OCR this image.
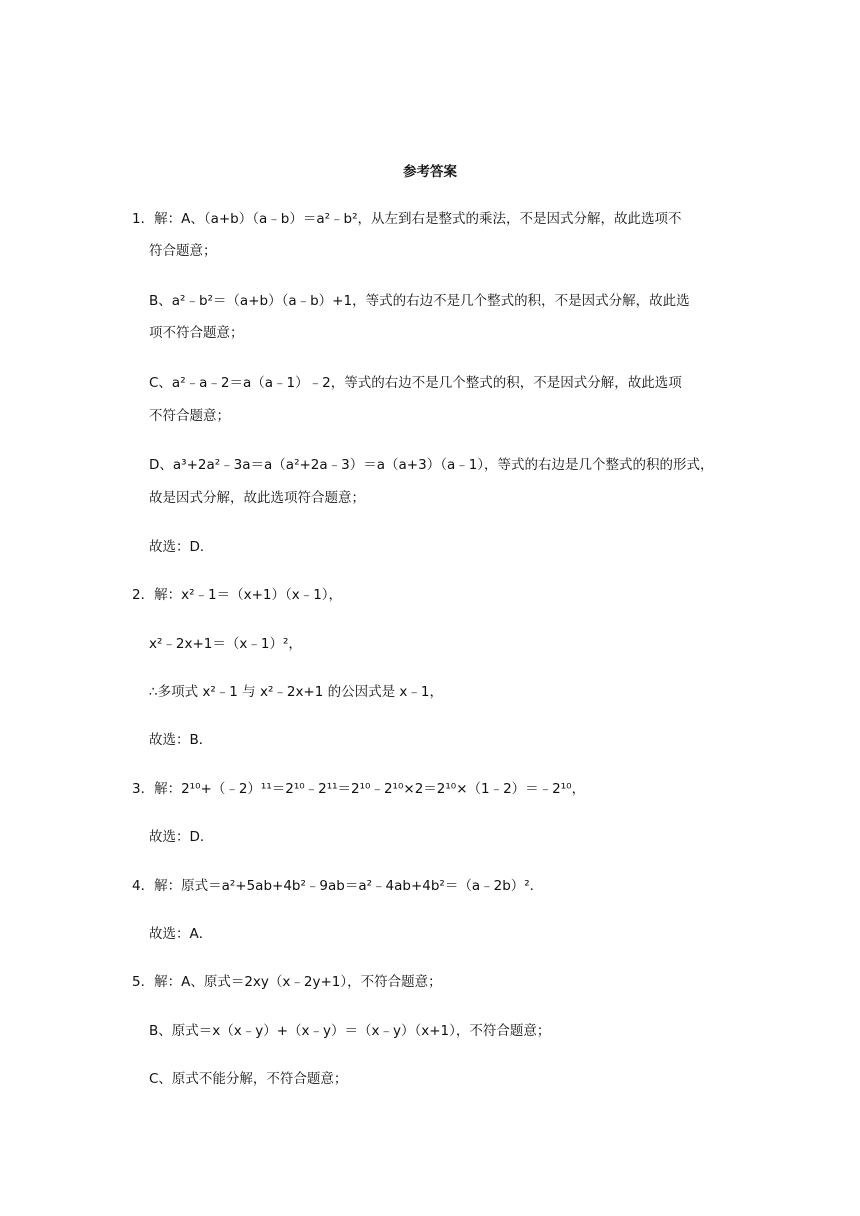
参考答案
1．解：A、（a+b）（a﹣b）＝a²﹣b²，从左到右是整式的乘法，不是因式分解，故此选项不
符合题意；
B、a²﹣b²＝（a+b）（a﹣b）+1，等式的右边不是几个整式的积，不是因式分解，故此选
项不符合题意；
C、a²﹣a﹣2＝a（a﹣1）﹣2，等式的右边不是几个整式的积，不是因式分解，故此选项
不符合题意；
D、a³+2a²﹣3a＝a（a²+2a﹣3）＝a（a+3）（a﹣1），等式的右边是几个整式的积的形式，
故是因式分解，故此选项符合题意；
故选：D．
2．解：x²﹣1＝（x+1）（x﹣1），
x²﹣2x+1＝（x﹣1）²，
∴多项式 x²﹣1 与 x²﹣2x+1 的公因式是 x﹣1，
故选：B．
3．解：2¹⁰+（﹣2）¹¹＝2¹⁰﹣2¹¹＝2¹⁰﹣2¹⁰×2＝2¹⁰×（1﹣2）＝﹣2¹⁰，
故选：D．
4．解：原式＝a²+5ab+4b²﹣9ab＝a²﹣4ab+4b²＝（a﹣2b）²．
故选：A．
5．解：A、原式＝2xy（x﹣2y+1），不符合题意；
B、原式＝x（x﹣y）+（x﹣y）＝（x﹣y）（x+1），不符合题意；
C、原式不能分解，不符合题意；
